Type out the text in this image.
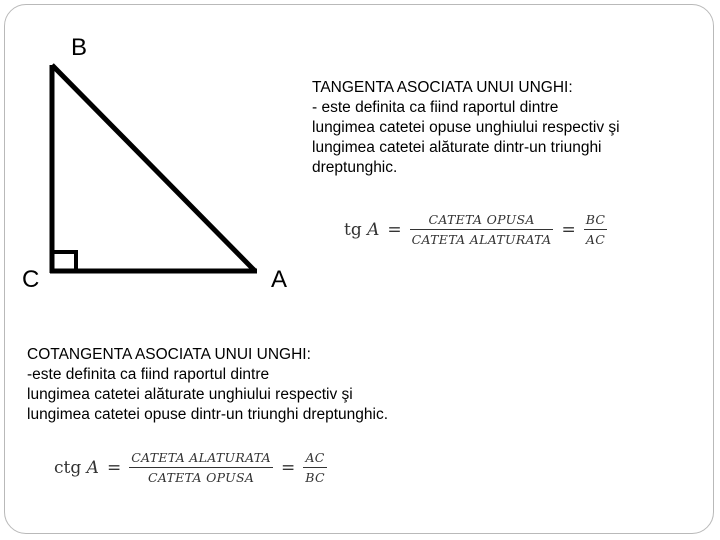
B
C	A
TANGENTA ASOCIATA UNUI UNGHI:
- este definita ca fiind raportul dintre
lungimea catetei opuse unghiului respectiv şi
lungimea catetei alăturate dintr-un triunghi
dreptunghic.
tg $A = \frac{\text{CATETA OPUSA}}{\text{CATETA ALATURATA}} = \frac{BC}{AC}$
COTANGENTA ASOCIATA UNUI UNGHI:
-este definita ca fiind raportul dintre
lungimea catetei alăturate unghiului respectiv şi
lungimea catetei opuse dintr-un triunghi dreptunghic.
ctg $A = \frac{\text{CATETA ALATURATA}}{\text{CATETA OPUSA}} = \frac{AC}{BC}$
